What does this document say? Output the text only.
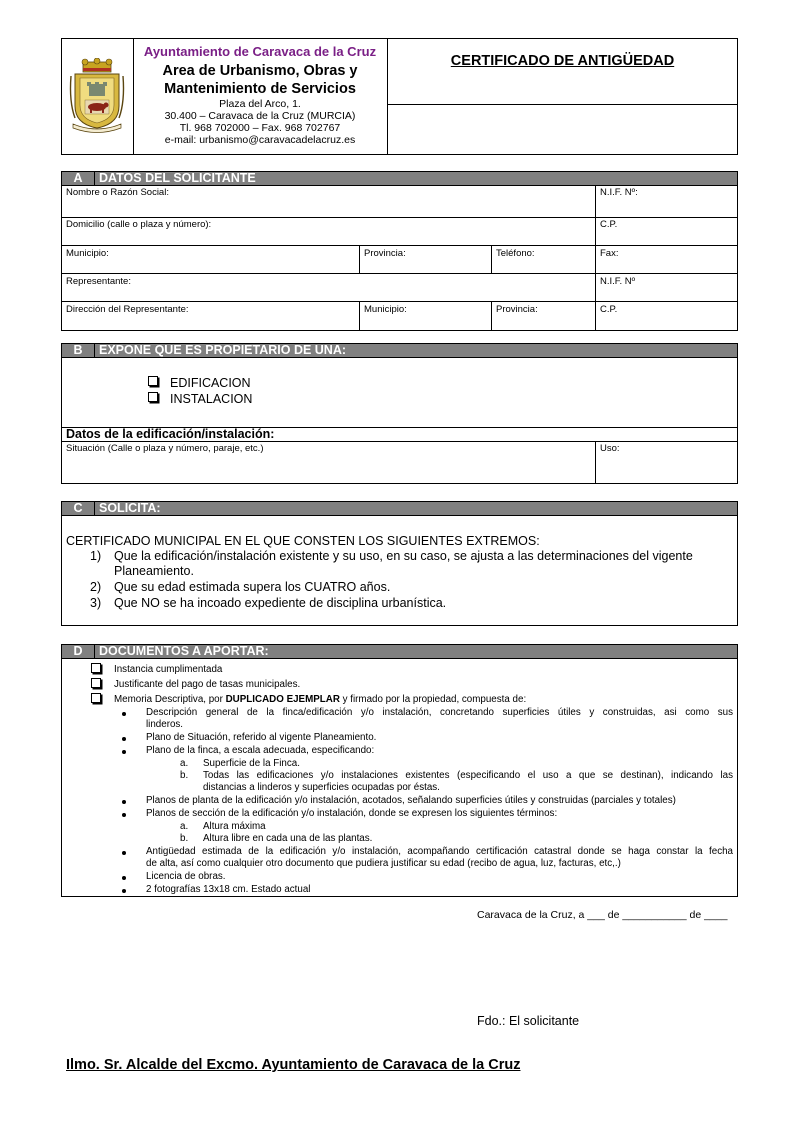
Ayuntamiento de Caravaca de la Cruz
Area de Urbanismo, Obras y
Mantenimiento de Servicios
Plaza del Arco, 1.
30.400 – Caravaca de la Cruz (MURCIA)
Tl. 968 702000 – Fax. 968 702767
e-mail: urbanismo@caravacadelacruz.es
CERTIFICADO DE ANTIGÜEDAD
A	DATOS DEL SOLICITANTE
Nombre o Razón Social:	N.I.F. Nº:
Domicilio (calle o plaza y número):	C.P.
Municipio:	Provincia:	Teléfono:	Fax:
Representante:	N.I.F. Nº
Dirección del Representante:	Municipio:	Provincia:	C.P.
B	EXPONE QUE ES PROPIETARIO DE UNA:
EDIFICACION
INSTALACION
Datos de la edificación/instalación:
Situación (Calle o plaza y número, paraje, etc.)	Uso:
C	SOLICITA:
CERTIFICADO MUNICIPAL EN EL QUE CONSTEN LOS SIGUIENTES EXTREMOS:
1) Que la edificación/instalación existente y su uso, en su caso, se ajusta a las determinaciones del vigente
Planeamiento.
2) Que su edad estimada supera los CUATRO años.
3) Que NO se ha incoado expediente de disciplina urbanística.
D	DOCUMENTOS A APORTAR:
Instancia cumplimentada
Justificante del pago de tasas municipales.
Memoria Descriptiva, por DUPLICADO EJEMPLAR y firmado por la propiedad, compuesta de:
Descripción general de la finca/edificación y/o instalación, concretando superficies útiles y construidas, asi como sus
linderos.
Plano de Situación, referido al vigente Planeamiento.
Plano de la finca, a escala adecuada, especificando:
a. Superficie de la Finca.
b. Todas las edificaciones y/o instalaciones existentes (especificando el uso a que se destinan), indicando las
distancias a linderos y superficies ocupadas por éstas.
Planos de planta de la edificación y/o instalación, acotados, señalando superficies útiles y construidas (parciales y totales)
Planos de sección de la edificación y/o instalación, donde se expresen los siguientes términos:
a. Altura máxima
b. Altura libre en cada una de las plantas.
Antigüedad estimada de la edificación y/o instalación, acompañando certificación catastral donde se haga constar la fecha
de alta, así como cualquier otro documento que pudiera justificar su edad (recibo de agua, luz, facturas, etc,.)
Licencia de obras.
2 fotografías 13x18 cm. Estado actual
Caravaca de la Cruz, a ___ de ___________ de ____
Fdo.: El solicitante
Ilmo. Sr. Alcalde del Excmo. Ayuntamiento de Caravaca de la Cruz
